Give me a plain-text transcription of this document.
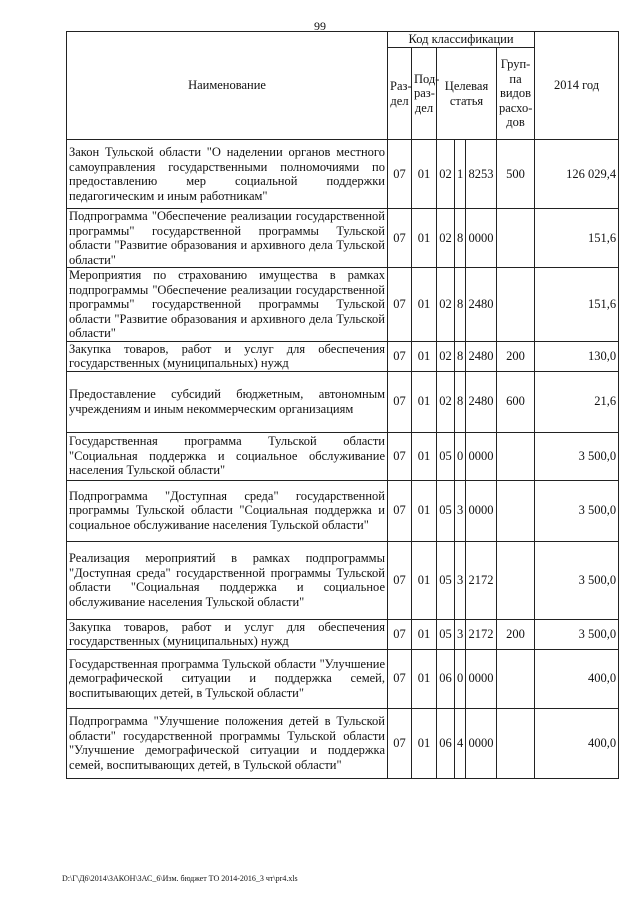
99
Наименование	Код классификации						2014 год
	Раз-дел	Под-раз-дел	Целевая статья			Груп-па видов расхо-дов	
Закон Тульской области "О наделении органов местного самоуправления государственными полномочиями по предоставлению мер социальной поддержки педагогическим и иным работникам"	07	01	02	1	8253	500	126 029,4
Подпрограмма "Обеспечение реализации государственной программы" государственной программы Тульской области "Развитие образования и архивного дела Тульской области"	07	01	02	8	0000		151,6
Мероприятия по страхованию имущества в рамках подпрограммы "Обеспечение реализации государственной программы" государственной программы Тульской области "Развитие образования и архивного дела Тульской области"	07	01	02	8	2480		151,6
Закупка товаров, работ и услуг для обеспечения государственных (муниципальных) нужд	07	01	02	8	2480	200	130,0
Предоставление субсидий бюджетным, автономным учреждениям и иным некоммерческим организациям	07	01	02	8	2480	600	21,6
Государственная программа Тульской области "Социальная поддержка и социальное обслуживание населения Тульской области"	07	01	05	0	0000		3 500,0
Подпрограмма "Доступная среда" государственной программы Тульской области "Социальная поддержка и социальное обслуживание населения Тульской области"	07	01	05	3	0000		3 500,0
Реализация мероприятий в рамках подпрограммы "Доступная среда" государственной программы Тульской области "Социальная поддержка и социальное обслуживание населения Тульской области"	07	01	05	3	2172		3 500,0
Закупка товаров, работ и услуг для обеспечения государственных (муниципальных) нужд	07	01	05	3	2172	200	3 500,0
Государственная программа Тульской области "Улучшение демографической ситуации и поддержка семей, воспитывающих детей, в Тульской области"	07	01	06	0	0000		400,0
Подпрограмма "Улучшение положения детей в Тульской области" государственной программы Тульской области "Улучшение демографической ситуации и поддержка семей, воспитывающих детей, в Тульской области"	07	01	06	4	0000		400,0
D:\Г\Д6\2014\ЗАКОН\ЗАС_6\Изм. бюджет ТО 2014-2016_3 чт\pr4.xls
